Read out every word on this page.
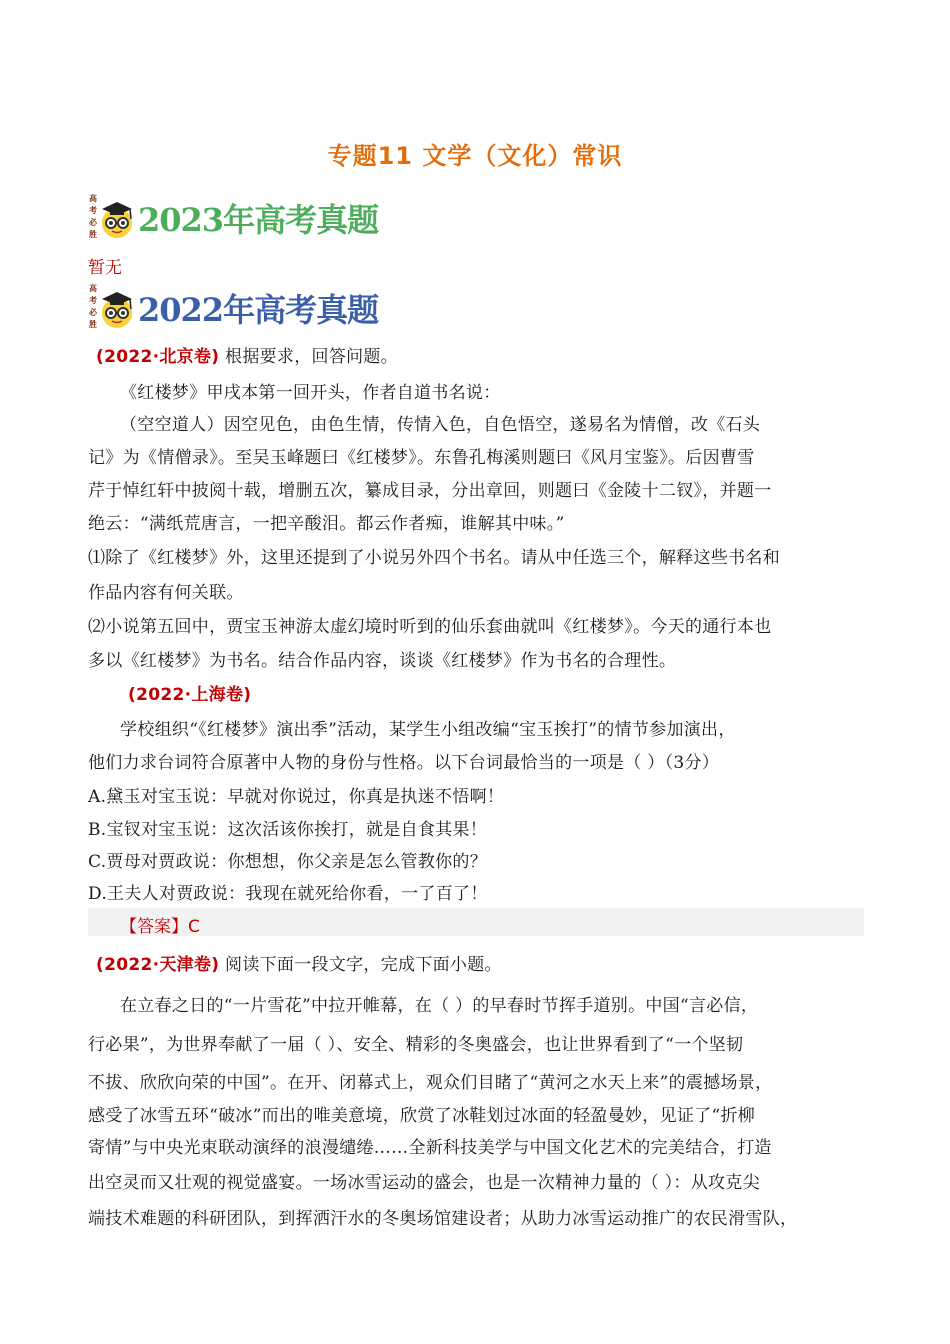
专题11 文学（文化）常识
高
考
必
胜 2023年高考真题
暂无
高
考
必
胜 2022年高考真题
(2022·北京卷) 根据要求，回答问题。
《红楼梦》甲戌本第一回开头，作者自道书名说：
（空空道人）因空见色，由色生情，传情入色，自色悟空，遂易名为情僧，改《石头
记》为《情僧录》。至吴玉峰题曰《红楼梦》。东鲁孔梅溪则题曰《风月宝鉴》。后因曹雪
芹于悼红轩中披阅十载，增删五次，纂成目录，分出章回，则题曰《金陵十二钗》，并题一
绝云：“满纸荒唐言，一把辛酸泪。都云作者痴，谁解其中味。”
⑴除了《红楼梦》外，这里还提到了小说另外四个书名。请从中任选三个，解释这些书名和
作品内容有何关联。
⑵小说第五回中，贾宝玉神游太虚幻境时听到的仙乐套曲就叫《红楼梦》。今天的通行本也
多以《红楼梦》为书名。结合作品内容，谈谈《红楼梦》作为书名的合理性。
(2022·上海卷)
学校组织“《红楼梦》演出季”活动，某学生小组改编“宝玉挨打”的情节参加演出，
他们力求台词符合原著中人物的身份与性格。以下台词最恰当的一项是（ ）（3分）
A.黛玉对宝玉说：早就对你说过，你真是执迷不悟啊！
B.宝钗对宝玉说：这次活该你挨打，就是自食其果！
C.贾母对贾政说：你想想，你父亲是怎么管教你的？
D.王夫人对贾政说：我现在就死给你看，一了百了！
【答案】C
(2022·天津卷) 阅读下面一段文字，完成下面小题。
在立春之日的“一片雪花”中拉开帷幕，在（ ）的早春时节挥手道别。中国“言必信，
行必果”，为世界奉献了一届（ ）、安全、精彩的冬奥盛会，也让世界看到了“一个坚韧
不拔、欣欣向荣的中国”。在开、闭幕式上，观众们目睹了“黄河之水天上来”的震撼场景，
感受了冰雪五环“破冰”而出的唯美意境，欣赏了冰鞋划过冰面的轻盈曼妙，见证了“折柳
寄情”与中央光束联动演绎的浪漫缱绻……全新科技美学与中国文化艺术的完美结合，打造
出空灵而又壮观的视觉盛宴。一场冰雪运动的盛会，也是一次精神力量的（ ）：从攻克尖
端技术难题的科研团队，到挥洒汗水的冬奥场馆建设者；从助力冰雪运动推广的农民滑雪队，
